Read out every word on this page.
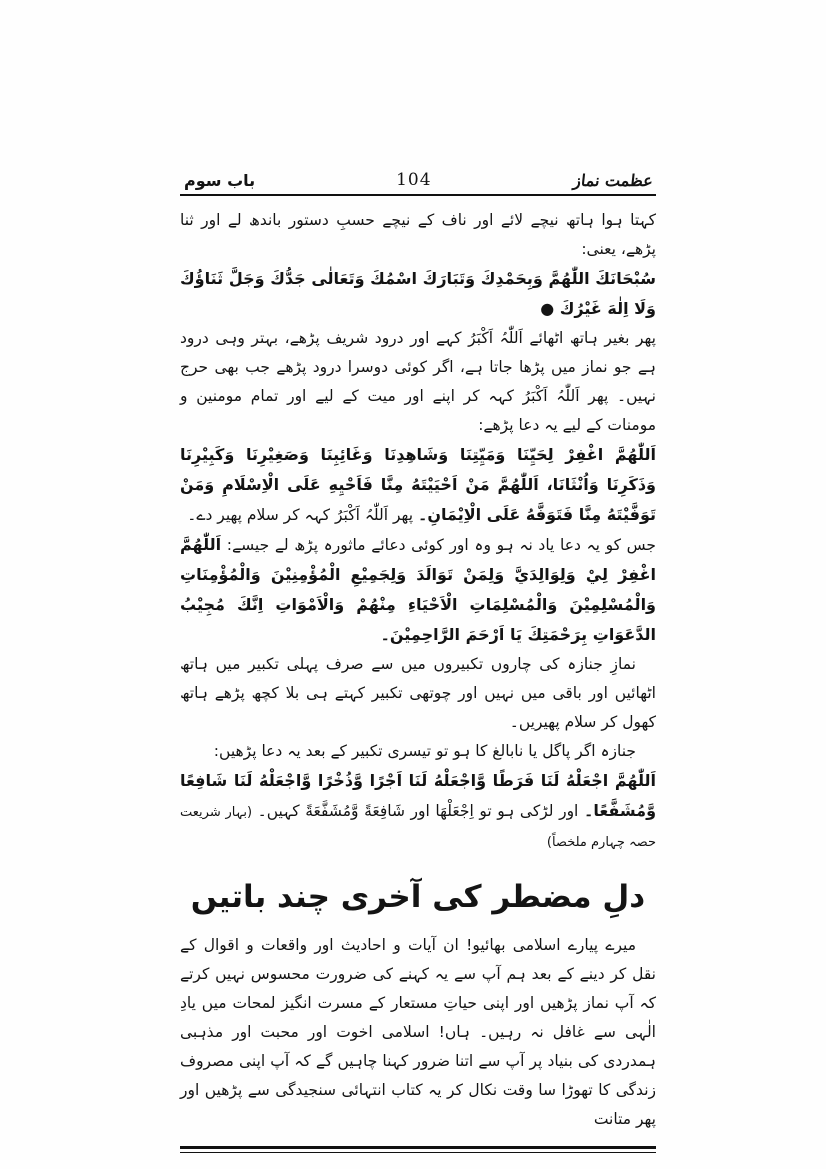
عظمت نماز
104
باب سوم

کہتا ہوا ہاتھ نیچے لائے اور ناف کے نیچے حسبِ دستور باندھ لے اور ثنا پڑھے، یعنی:

سُبْحَانَكَ اللّٰهُمَّ وَبِحَمْدِكَ وَتَبَارَكَ اسْمُكَ وَتَعَالٰى جَدُّكَ وَجَلَّ ثَنَاؤُكَ وَلَا اِلٰهَ غَيْرُكَ ●

پھر بغیر ہاتھ اٹھائے اَللّٰہُ اَکْبَرُ کہے اور درود شریف پڑھے، بہتر وہی درود ہے جو نماز میں پڑھا جاتا ہے، اگر کوئی دوسرا درود پڑھے جب بھی حرج نہیں۔ پھر اَللّٰہُ اَکْبَرُ کہہ کر اپنے اور میت کے لیے اور تمام مومنین و مومنات کے لیے یہ دعا پڑھے:

اَللّٰهُمَّ اغْفِرْ لِحَيِّنَا وَمَيِّتِنَا وَشَاهِدِنَا وَغَائِبِنَا وَصَغِيْرِنَا وَكَبِيْرِنَا وَذَكَرِنَا وَاُنْثَانَا، اَللّٰهُمَّ مَنْ اَحْيَيْتَهُ مِنَّا فَاَحْيِهِ عَلَى الْاِسْلَامِ وَمَنْ تَوَفَّيْتَهُ مِنَّا فَتَوَفَّهُ عَلَى الْاِيْمَانِ۔ پھر اَللّٰہُ اَکْبَرُ کہہ کر سلام پھیر دے۔

جس کو یہ دعا یاد نہ ہو وہ اور کوئی دعائے ماثورہ پڑھ لے جیسے: اَللّٰهُمَّ اغْفِرْ لِيْ وَلِوَالِدَيَّ وَلِمَنْ تَوَالَدَ وَلِجَمِيْعِ الْمُؤْمِنِيْنَ وَالْمُؤْمِنَاتِ وَالْمُسْلِمِيْنَ وَالْمُسْلِمَاتِ الْاَحْيَاءِ مِنْهُمْ وَالْاَمْوَاتِ اِنَّكَ مُجِيْبُ الدَّعَوَاتِ بِرَحْمَتِكَ يَا اَرْحَمَ الرَّاحِمِيْنَ۔

نمازِ جنازہ کی چاروں تکبیروں میں سے صرف پہلی تکبیر میں ہاتھ اٹھائیں اور باقی میں نہیں اور چوتھی تکبیر کہتے ہی بلا کچھ پڑھے ہاتھ کھول کر سلام پھیریں۔

جنازہ اگر پاگل یا نابالغ کا ہو تو تیسری تکبیر کے بعد یہ دعا پڑھیں:

اَللّٰهُمَّ اجْعَلْهُ لَنَا فَرَطًا وَّاجْعَلْهُ لَنَا اَجْرًا وَّذُخْرًا وَّاجْعَلْهُ لَنَا شَافِعًا وَّمُشَفَّعًا۔ اور لڑکی ہو تو اِجْعَلْهَا اور شَافِعَةً وَّمُشَفَّعَةً کہیں۔ (بہار شریعت حصہ چہارم ملخصاً)

دلِ مضطر کی آخری چند باتیں

میرے پیارے اسلامی بھائیو! ان آیات و احادیث اور واقعات و اقوال کے نقل کر دینے کے بعد ہم آپ سے یہ کہنے کی ضرورت محسوس نہیں کرتے کہ آپ نماز پڑھیں اور اپنی حیاتِ مستعار کے مسرت انگیز لمحات میں یادِ الٰہی سے غافل نہ رہیں۔ ہاں! اسلامی اخوت اور محبت اور مذہبی ہمدردی کی بنیاد پر آپ سے اتنا ضرور کہنا چاہیں گے کہ آپ اپنی مصروف زندگی کا تھوڑا سا وقت نکال کر یہ کتاب انتہائی سنجیدگی سے پڑھیں اور پھر متانت
